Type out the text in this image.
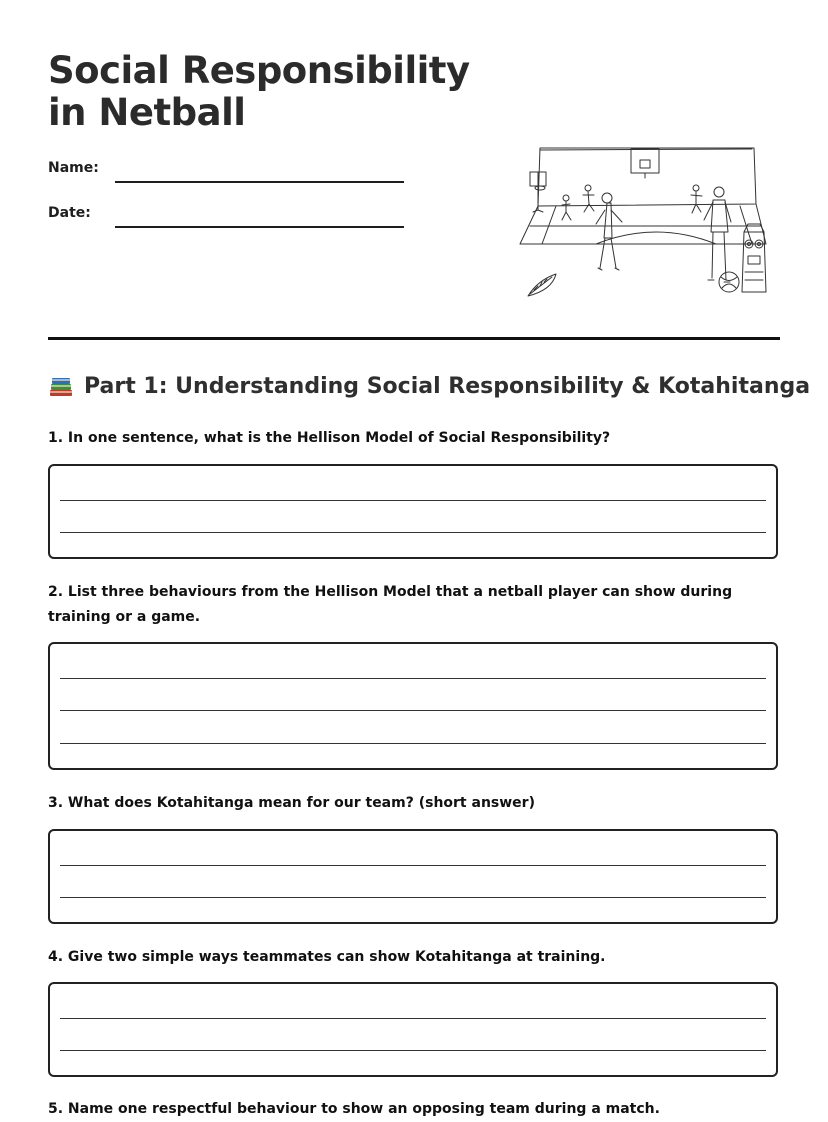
Social Responsibility in Netball
Name:
Date:
Part 1: Understanding Social Responsibility & Kotahitanga

1. In one sentence, what is the Hellison Model of Social Responsibility?

2. List three behaviours from the Hellison Model that a netball player can show during training or a game.

3. What does Kotahitanga mean for our team? (short answer)

4. Give two simple ways teammates can show Kotahitanga at training.

5. Name one respectful behaviour to show an opposing team during a match.
